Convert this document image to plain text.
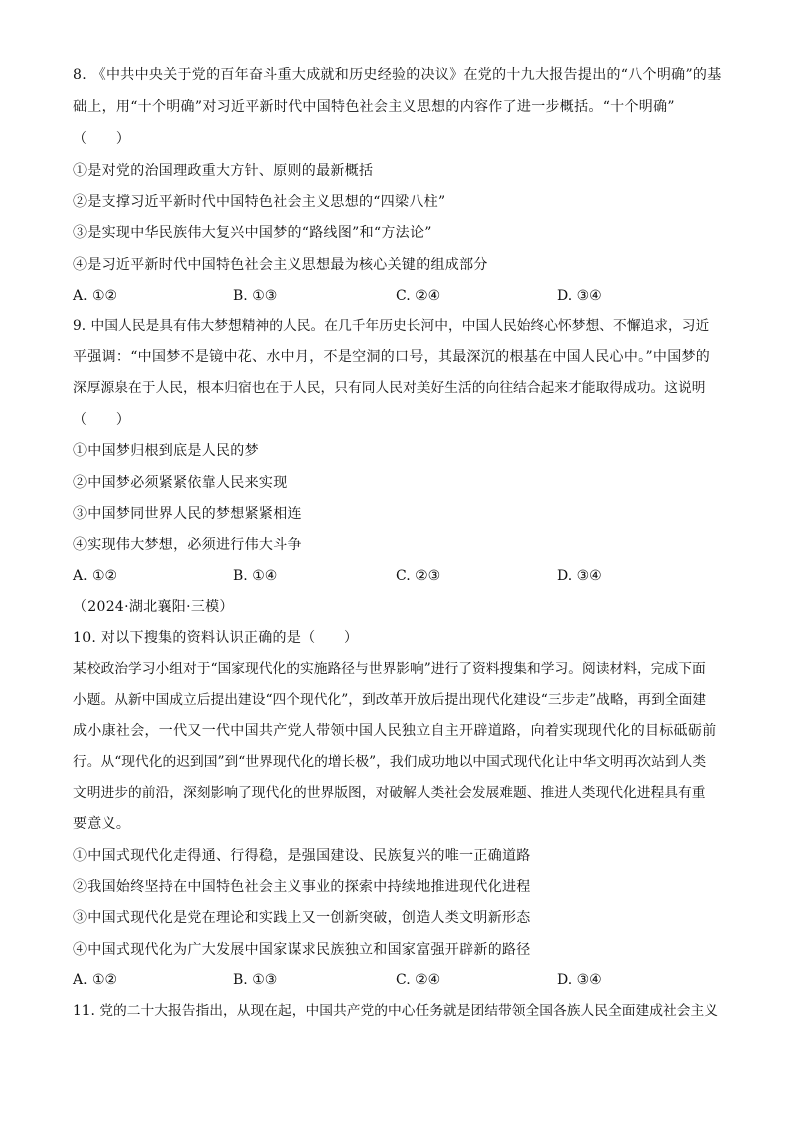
8. 《中共中央关于党的百年奋斗重大成就和历史经验的决议》在党的十九大报告提出的“八个明确”的基
础上，用“十个明确”对习近平新时代中国特色社会主义思想的内容作了进一步概括。“十个明确”
（　　）
①是对党的治国理政重大方针、原则的最新概括
②是支撑习近平新时代中国特色社会主义思想的“四梁八柱”
③是实现中华民族伟大复兴中国梦的“路线图”和“方法论”
④是习近平新时代中国特色社会主义思想最为核心关键的组成部分
A. ①②	B. ①③	C. ②④	D. ③④
9. 中国人民是具有伟大梦想精神的人民。在几千年历史长河中，中国人民始终心怀梦想、不懈追求，习近
平强调：“中国梦不是镜中花、水中月，不是空洞的口号，其最深沉的根基在中国人民心中。”中国梦的
深厚源泉在于人民，根本归宿也在于人民，只有同人民对美好生活的向往结合起来才能取得成功。这说明
（　　）
①中国梦归根到底是人民的梦
②中国梦必须紧紧依靠人民来实现
③中国梦同世界人民的梦想紧紧相连
④实现伟大梦想，必须进行伟大斗争
A. ①②	B. ①④	C. ②③	D. ③④
（2024·湖北襄阳·三模）
10. 对以下搜集的资料认识正确的是（　　）
某校政治学习小组对于“国家现代化的实施路径与世界影响”进行了资料搜集和学习。阅读材料，完成下面
小题。从新中国成立后提出建设“四个现代化”，到改革开放后提出现代化建设“三步走”战略，再到全面建
成小康社会，一代又一代中国共产党人带领中国人民独立自主开辟道路，向着实现现代化的目标砥砺前
行。从“现代化的迟到国”到“世界现代化的增长极”，我们成功地以中国式现代化让中华文明再次站到人类
文明进步的前沿，深刻影响了现代化的世界版图，对破解人类社会发展难题、推进人类现代化进程具有重
要意义。
①中国式现代化走得通、行得稳，是强国建设、民族复兴的唯一正确道路
②我国始终坚持在中国特色社会主义事业的探索中持续地推进现代化进程
③中国式现代化是党在理论和实践上又一创新突破，创造人类文明新形态
④中国式现代化为广大发展中国家谋求民族独立和国家富强开辟新的路径
A. ①②	B. ①③	C. ②④	D. ③④
11. 党的二十大报告指出，从现在起，中国共产党的中心任务就是团结带领全国各族人民全面建成社会主义
